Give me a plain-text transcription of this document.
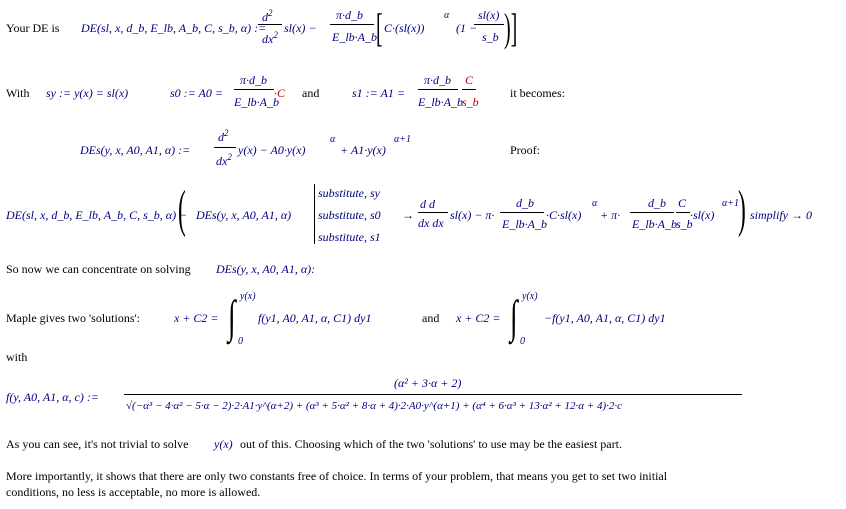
Your DE is DE(sl, x, d_b, E_lb, A_b, C, s_b, α) :=
$d^2$
$dx^2$ sl(x) −
π·d_b
E_lb·A_b [ C·(sl(x))
α
(1 −
sl(x)
s_b )]
With sy := y(x) = sl(x)	s0 := A0 =
π·d_b
E_lb·A_b
·C and	s1 := A1 =
π·d_b
E_lb·A_b
C
s_b
it becomes:
DEs(y, x, A0, A1, α) :=
$d^2$
$dx^2$ y(x) − A0·y(x)
α
+ A1·y(x)
α+1
Proof:
DE(sl, x, d_b, E_lb, A_b, C, s_b, α) −
( DEs(y, x, A0, A1, α)
substitute, sy
substitute, s0
substitute, s1
→
d d
dx dx
sl(x) − π·
d_b
E_lb·A_b
·C·sl(x)
α
+ π·
d_b
E_lb·A_b
C
s_b
·sl(x)
α+1 ) simplify → 0
So now we can concentrate on solving DEs(y, x, A0, A1, α):
Maple gives two 'solutions':	x + C2 = ∫ y(x)
0
f(y1, A0, A1, α, C1) dy1	and x + C2 = ∫ y(x)
0
−f(y1, A0, A1, α, C1) dy1
with
f(y, A0, A1, α, c) :=
(α² + 3·α + 2)
√(−α³ − 4·α² − 5·α − 2)·2·A1·y^(α+2) + (α³ + 5·α² + 8·α + 4)·2·A0·y^(α+1) + (α⁴ + 6·α³ + 13·α² + 12·α + 4)·2·c
As you can see, it's not trivial to solve y(x) out of this. Choosing which of the two 'solutions' to use may be the easiest part.
More importantly, it shows that there are only two constants free of choice. In terms of your problem, that means you get to set two initial
conditions, no less is acceptable, no more is allowed.
